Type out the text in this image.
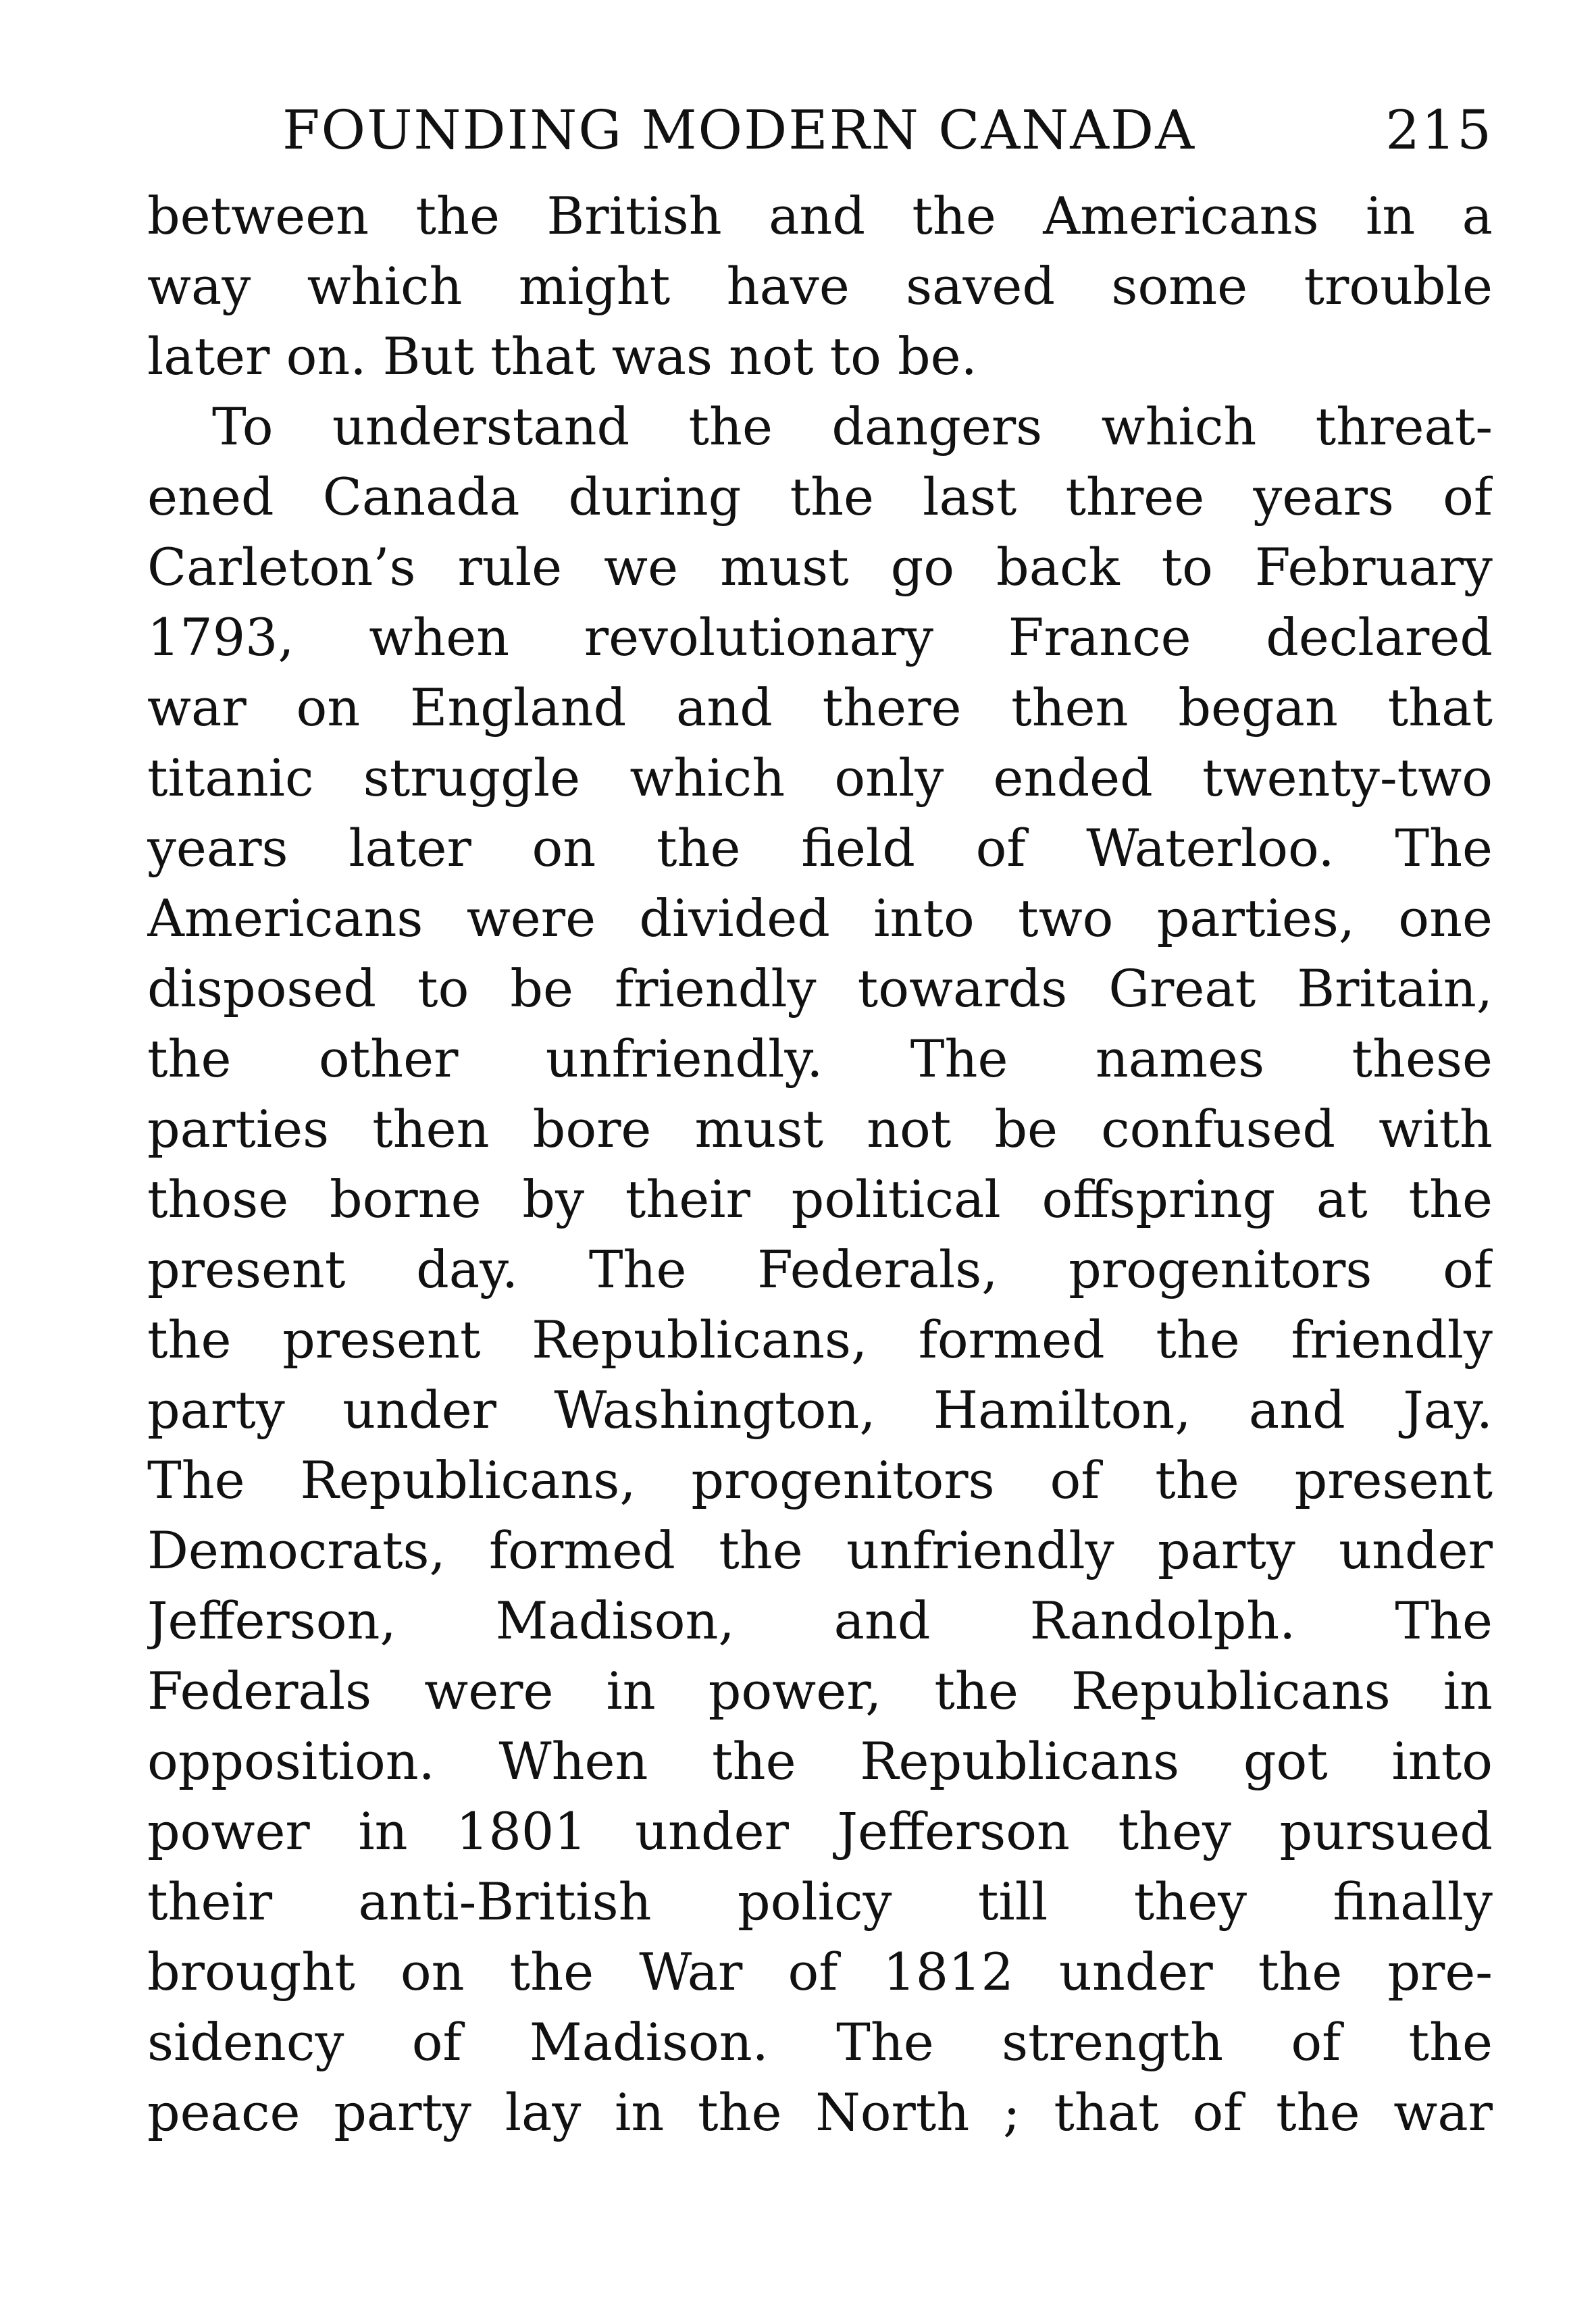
FOUNDING MODERN CANADA	215
between the British and the Americans in a
way which might have saved some trouble
later on. But that was not to be.
To understand the dangers which threat-
ened Canada during the last three years of
Carleton’s rule we must go back to February
1793, when revolutionary France declared
war on England and there then began that
titanic struggle which only ended twenty-two
years later on the field of Waterloo. The
Americans were divided into two parties, one
disposed to be friendly towards Great Britain,
the other unfriendly. The names these
parties then bore must not be confused with
those borne by their political offspring at the
present day. The Federals, progenitors of
the present Republicans, formed the friendly
party under Washington, Hamilton, and Jay.
The Republicans, progenitors of the present
Democrats, formed the unfriendly party under
Jefferson, Madison, and Randolph. The
Federals were in power, the Republicans in
opposition. When the Republicans got into
power in 1801 under Jefferson they pursued
their anti-British policy till they finally
brought on the War of 1812 under the pre-
sidency of Madison. The strength of the
peace party lay in the North ; that of the war
